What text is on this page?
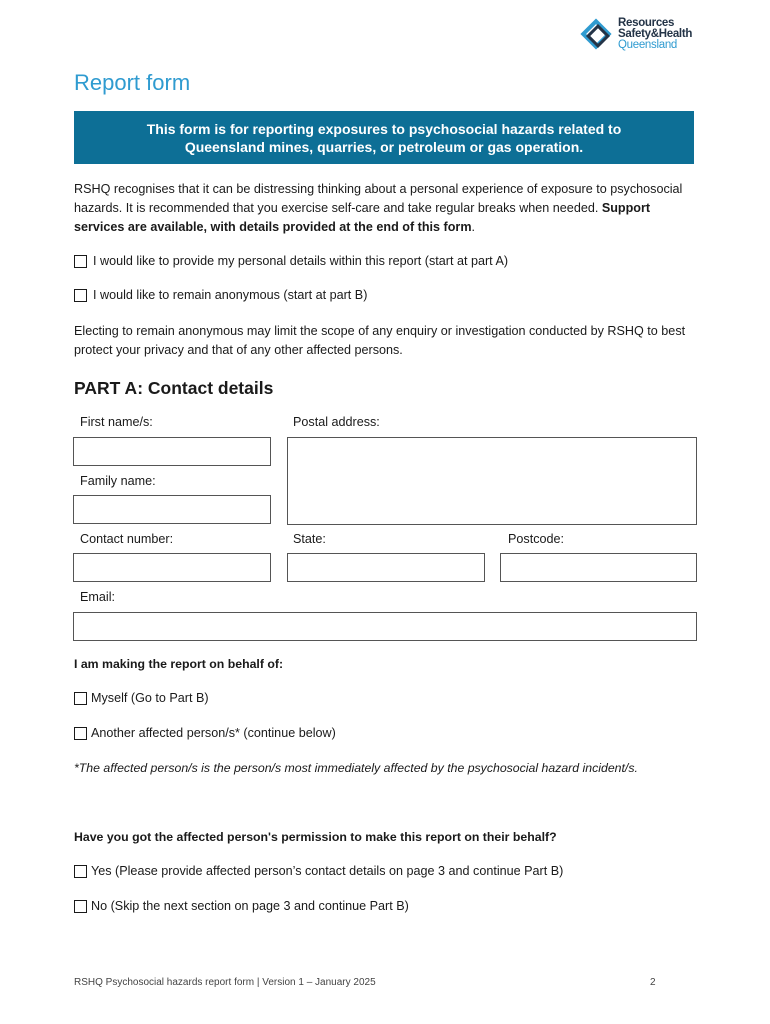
Resources
Safety&Health
Queensland
Report form
This form is for reporting exposures to psychosocial hazards related to
Queensland mines, quarries, or petroleum or gas operation.

RSHQ recognises that it can be distressing thinking about a personal experience of exposure to psychosocial hazards. It is recommended that you exercise self-care and take regular breaks when needed. Support services are available, with details provided at the end of this form.

I would like to provide my personal details within this report (start at part A)
I would like to remain anonymous (start at part B)

Electing to remain anonymous may limit the scope of any enquiry or investigation conducted by RSHQ to best protect your privacy and that of any other affected persons.

PART A: Contact details
First name/s:	Postal address:
Family name:
Contact number:	State:	Postcode:
Email:
I am making the report on behalf of:
Myself (Go to Part B)
Another affected person/s* (continue below)

*The affected person/s is the person/s most immediately affected by the psychosocial hazard incident/s.

Have you got the affected person's permission to make this report on their behalf?
Yes (Please provide affected person’s contact details on page 3 and continue Part B)
No (Skip the next section on page 3 and continue Part B)
RSHQ Psychosocial hazards report form | Version 1 – January 2025	2
